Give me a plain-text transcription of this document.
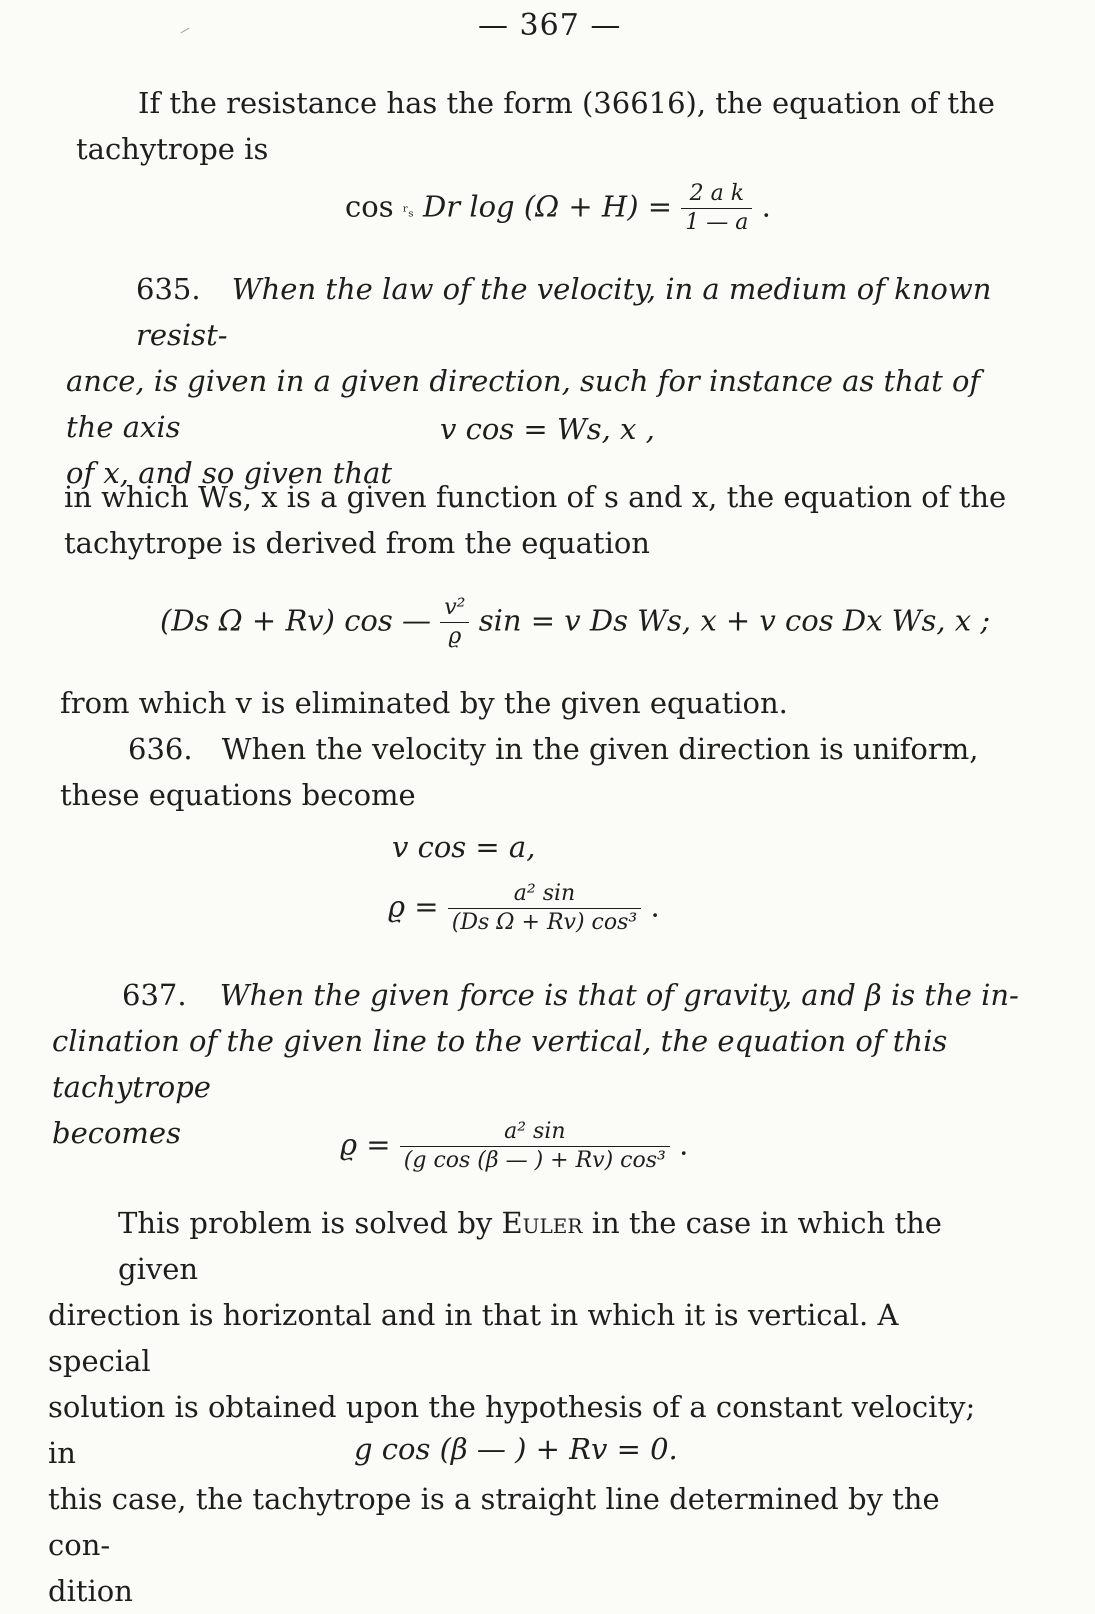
— 367 —
If the resistance has the form (36616), the equation of the
tachytrope is
cos ʳₛ Dr $\log (\Omega + H) = \frac{\text{2 a k}}{1 — a}$ .
635. When the law of the velocity, in a medium of known resist-
ance, is given in a given direction, such for instance as that of the axis
of x, and so given that
v cos = Ws, x ,
in which Ws, x is a given function of s and x, the equation of the
tachytrope is derived from the equation
(Ds Ω + Rv) cos — $\frac{\text{v²}}{ϱ}$ sin = v Ds Ws, x + v cos Dx Ws, x ;
from which v is eliminated by the given equation.
636. When the velocity in the given direction is uniform,
these equations become
v cos = a,
$ϱ = \frac{\text{a² sin}}{\text{(Ds Ω + Rv) cos³}}$ .
637. When the given force is that of gravity, and β is the in-
clination of the given line to the vertical, the equation of this tachytrope
becomes	$ϱ = \frac{\text{a² sin}}{\text{(g cos (β — ) + Rv) cos³}}$ .
This problem is solved by Euler in the case in which the given
direction is horizontal and in that in which it is vertical. A special
solution is obtained upon the hypothesis of a constant velocity; in
this case, the tachytrope is a straight line determined by the con-
dition
g cos (β — ) + Rv = 0.
